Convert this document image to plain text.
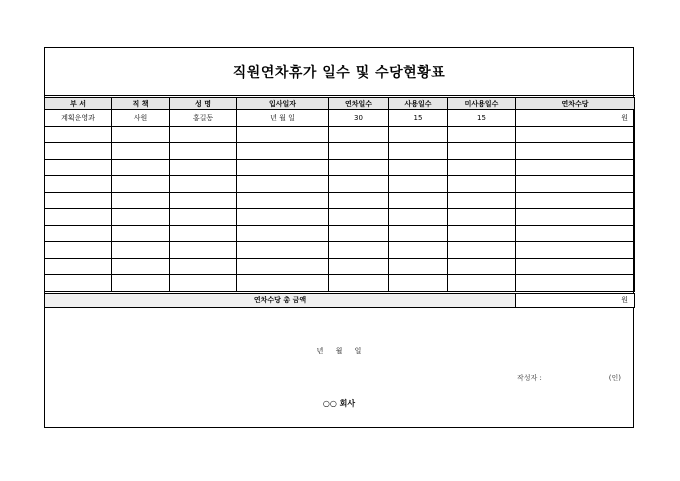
직원연차휴가 일수 및 수당현황표
부 서	직 책	성 명	입사일자	연차일수	사용일수	미사용일수	연차수당
계획운영과	사원	홍길동	년 월 일	30	15	15	원

연차수당 총 금액							원
년 월 일
작성자 :	(인)
○○ 회사
